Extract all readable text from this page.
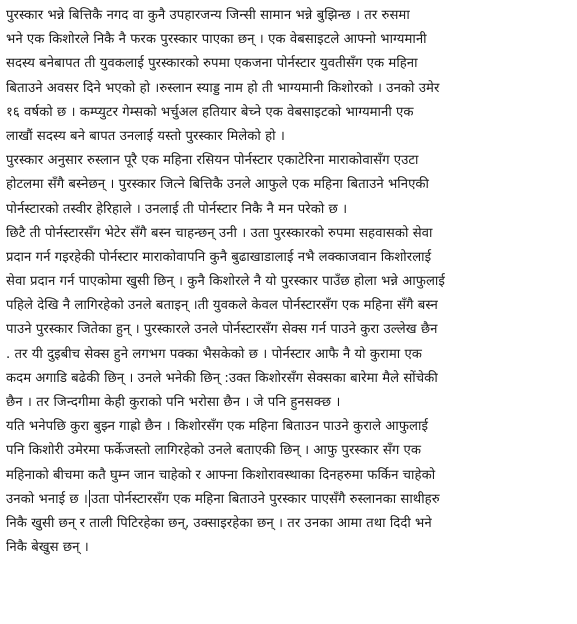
पुरस्कार भन्ने बित्तिकै नगद वा कुनै उपहारजन्य जिन्सी सामान भन्ने बुझिन्छ । तर रुसमा
भने एक किशोरले निकै नै फरक पुरस्कार पाएका छन् । एक वेबसाइटले आफ्नो भाग्यमानी
सदस्य बनेबापत ती युवकलाई पुरस्कारको रुपमा एकजना पोर्नस्टार युवतीसँग एक महिना
बिताउने अवसर दिने भएको हो ।रुस्लान स्याड्ड नाम हो ती भाग्यमानी किशोरको । उनको उमेर
१६ वर्षको छ । कम्प्युटर गेम्सको भर्चुअल हतियार बेच्ने एक वेबसाइटको भाग्यमानी एक
लाखौं सदस्य बने बापत उनलाई यस्तो पुरस्कार मिलेको हो ।
पुरस्कार अनुसार रुस्लान पूरै एक महिना रसियन पोर्नस्टार एकाटेरिना माराकोवासँग एउटा
होटलमा सँगै बस्नेछन् । पुरस्कार जित्ने बित्तिकै उनले आफुले एक महिना बिताउने भनिएकी
पोर्नस्टारको तस्वीर हेरिहाले । उनलाई ती पोर्नस्टार निकै नै मन परेको छ ।
छिटै ती पोर्नस्टारसँग भेटेर सँगै बस्न चाहन्छन् उनी । उता पुरस्कारको रुपमा सहवासको सेवा
प्रदान गर्न गइरहेकी पोर्नस्टार माराकोवापनि कुनै बुढाखाडालाई नभै लक्काजवान किशोरलाई
सेवा प्रदान गर्न पाएकोमा खुसी छिन् । कुनै किशोरले नै यो पुरस्कार पाउँछ होला भन्ने आफुलाई
पहिले देखि नै लागिरहेको उनले बताइन् ।ती युवकले केवल पोर्नस्टारसँग एक महिना सँगै बस्न
पाउने पुरस्कार जितेका हुन् । पुरस्कारले उनले पोर्नस्टारसँग सेक्स गर्न पाउने कुरा उल्लेख छैन
. तर यी दुइबीच सेक्स हुने लगभग पक्का भैसकेको छ । पोर्नस्टार आफै नै यो कुरामा एक
कदम अगाडि बढेकी छिन् । उनले भनेकी छिन् :उक्त किशोरसँग सेक्सका बारेमा मैले सोंचेकी
छैन । तर जिन्दगीमा केही कुराको पनि भरोसा छैन । जे पनि हुनसक्छ ।
यति भनेपछि कुरा बुझ्न गाह्रो छैन । किशोरसँग एक महिना बिताउन पाउने कुराले आफुलाई
पनि किशोरी उमेरमा फर्केजस्तो लागिरहेको उनले बताएकी छिन् । आफु पुरस्कार सँग एक
महिनाको बीचमा कतै घुम्न जान चाहेको र आफ्ना किशोरावस्थाका दिनहरुमा फर्किन चाहेको
उनको भनाई छ । उता पोर्नस्टारसँग एक महिना बिताउने पुरस्कार पाएसँगै रुस्लानका साथीहरु
निकै खुसी छन् र ताली पिटिरहेका छन्, उक्साइरहेका छन् । तर उनका आमा तथा दिदी भने
निकै बेखुस छन् ।
